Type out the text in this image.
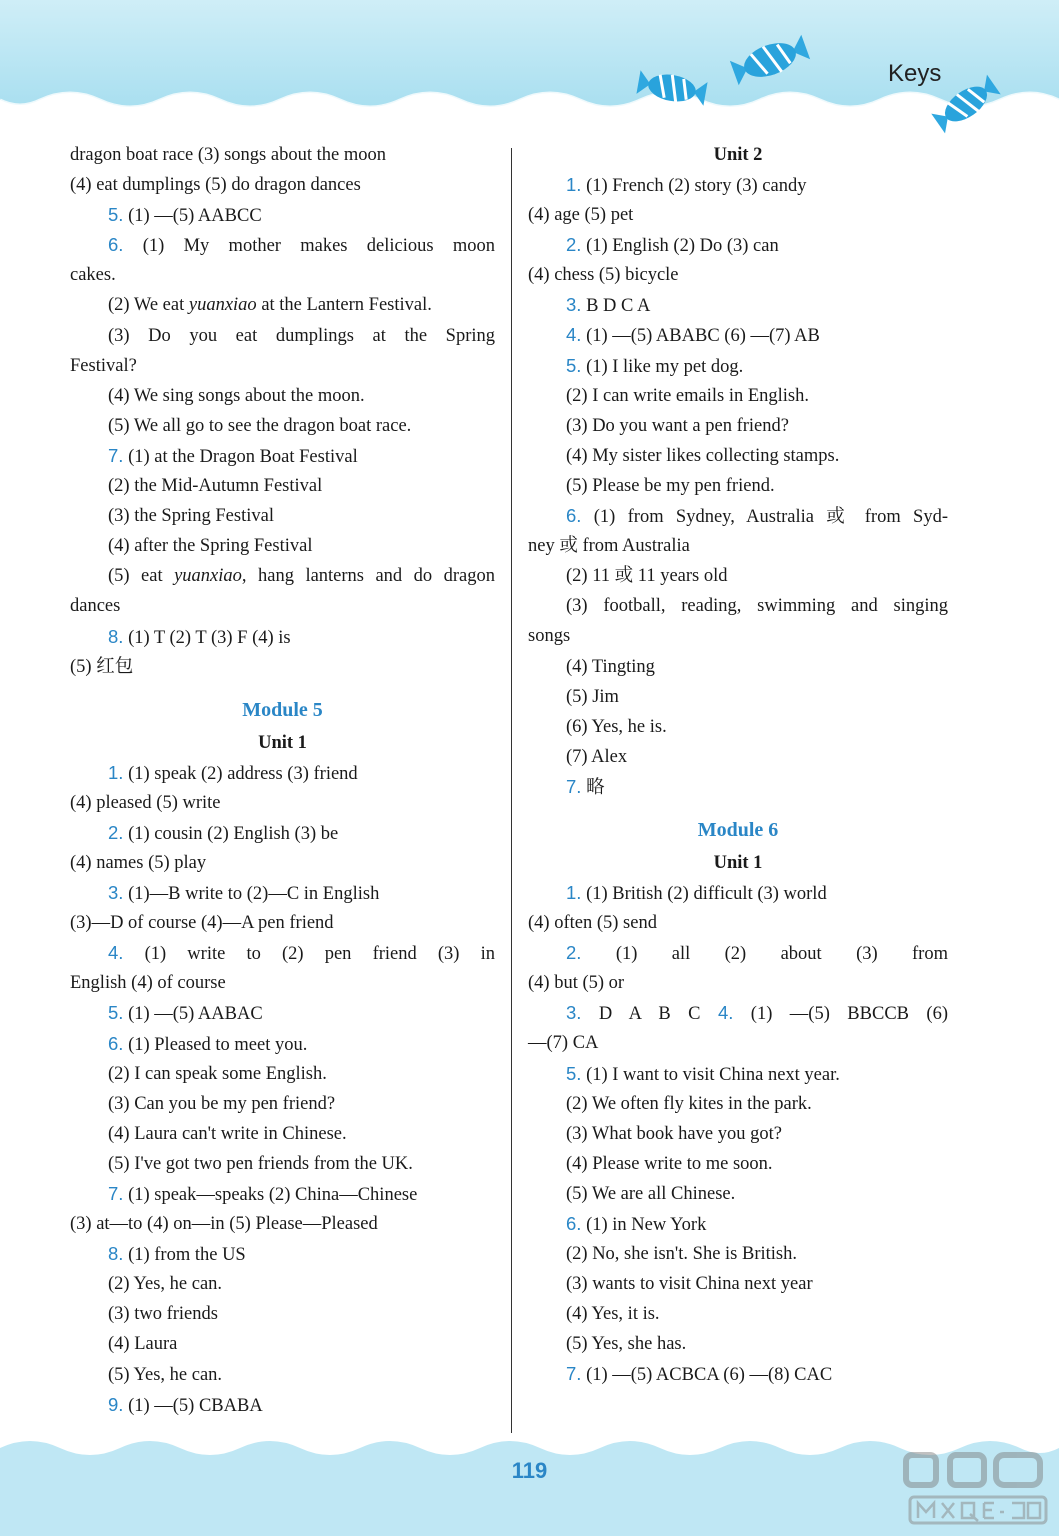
Keys
dragon boat race (3) songs about the moon
(4) eat dumplings (5) do dragon dances
5. (1) —(5) AABCC
6. (1) My mother makes delicious moon
cakes.
(2) We eat yuanxiao at the Lantern Festival.
(3) Do you eat dumplings at the Spring
Festival?
(4) We sing songs about the moon.
(5) We all go to see the dragon boat race.
7. (1) at the Dragon Boat Festival
(2) the Mid-Autumn Festival
(3) the Spring Festival
(4) after the Spring Festival
(5) eat yuanxiao, hang lanterns and do dragon
dances
8. (1) T (2) T (3) F (4) is
(5) 红包
Module 5
Unit 1
1. (1) speak (2) address (3) friend
(4) pleased (5) write
2. (1) cousin (2) English (3) be
(4) names (5) play
3. (1)—B write to (2)—C in English
(3)—D of course (4)—A pen friend
4. (1) write to (2) pen friend (3) in
English (4) of course
5. (1) —(5) AABAC
6. (1) Pleased to meet you.
(2) I can speak some English.
(3) Can you be my pen friend?
(4) Laura can't write in Chinese.
(5) I've got two pen friends from the UK.
7. (1) speak—speaks (2) China—Chinese
(3) at—to (4) on—in (5) Please—Pleased
8. (1) from the US
(2) Yes, he can.
(3) two friends
(4) Laura
(5) Yes, he can.
9. (1) —(5) CBABA
Unit 2
1. (1) French (2) story (3) candy
(4) age (5) pet
2. (1) English (2) Do (3) can
(4) chess (5) bicycle
3. B D C A
4. (1) —(5) ABABC (6) —(7) AB
5. (1) I like my pet dog.
(2) I can write emails in English.
(3) Do you want a pen friend?
(4) My sister likes collecting stamps.
(5) Please be my pen friend.
6. (1) from Sydney, Australia 或 from Syd-
ney 或 from Australia
(2) 11 或 11 years old
(3) football, reading, swimming and singing
songs
(4) Tingting
(5) Jim
(6) Yes, he is.
(7) Alex
7. 略
Module 6
Unit 1
1. (1) British (2) difficult (3) world
(4) often (5) send
2. (1) all (2) about (3) from
(4) but (5) or
3. D A B C 4. (1) —(5) BBCCB (6)
—(7) CA
5. (1) I want to visit China next year.
(2) We often fly kites in the park.
(3) What book have you got?
(4) Please write to me soon.
(5) We are all Chinese.
6. (1) in New York
(2) No, she isn't. She is British.
(3) wants to visit China next year
(4) Yes, it is.
(5) Yes, she has.
7. (1) —(5) ACBCA (6) —(8) CAC
119
